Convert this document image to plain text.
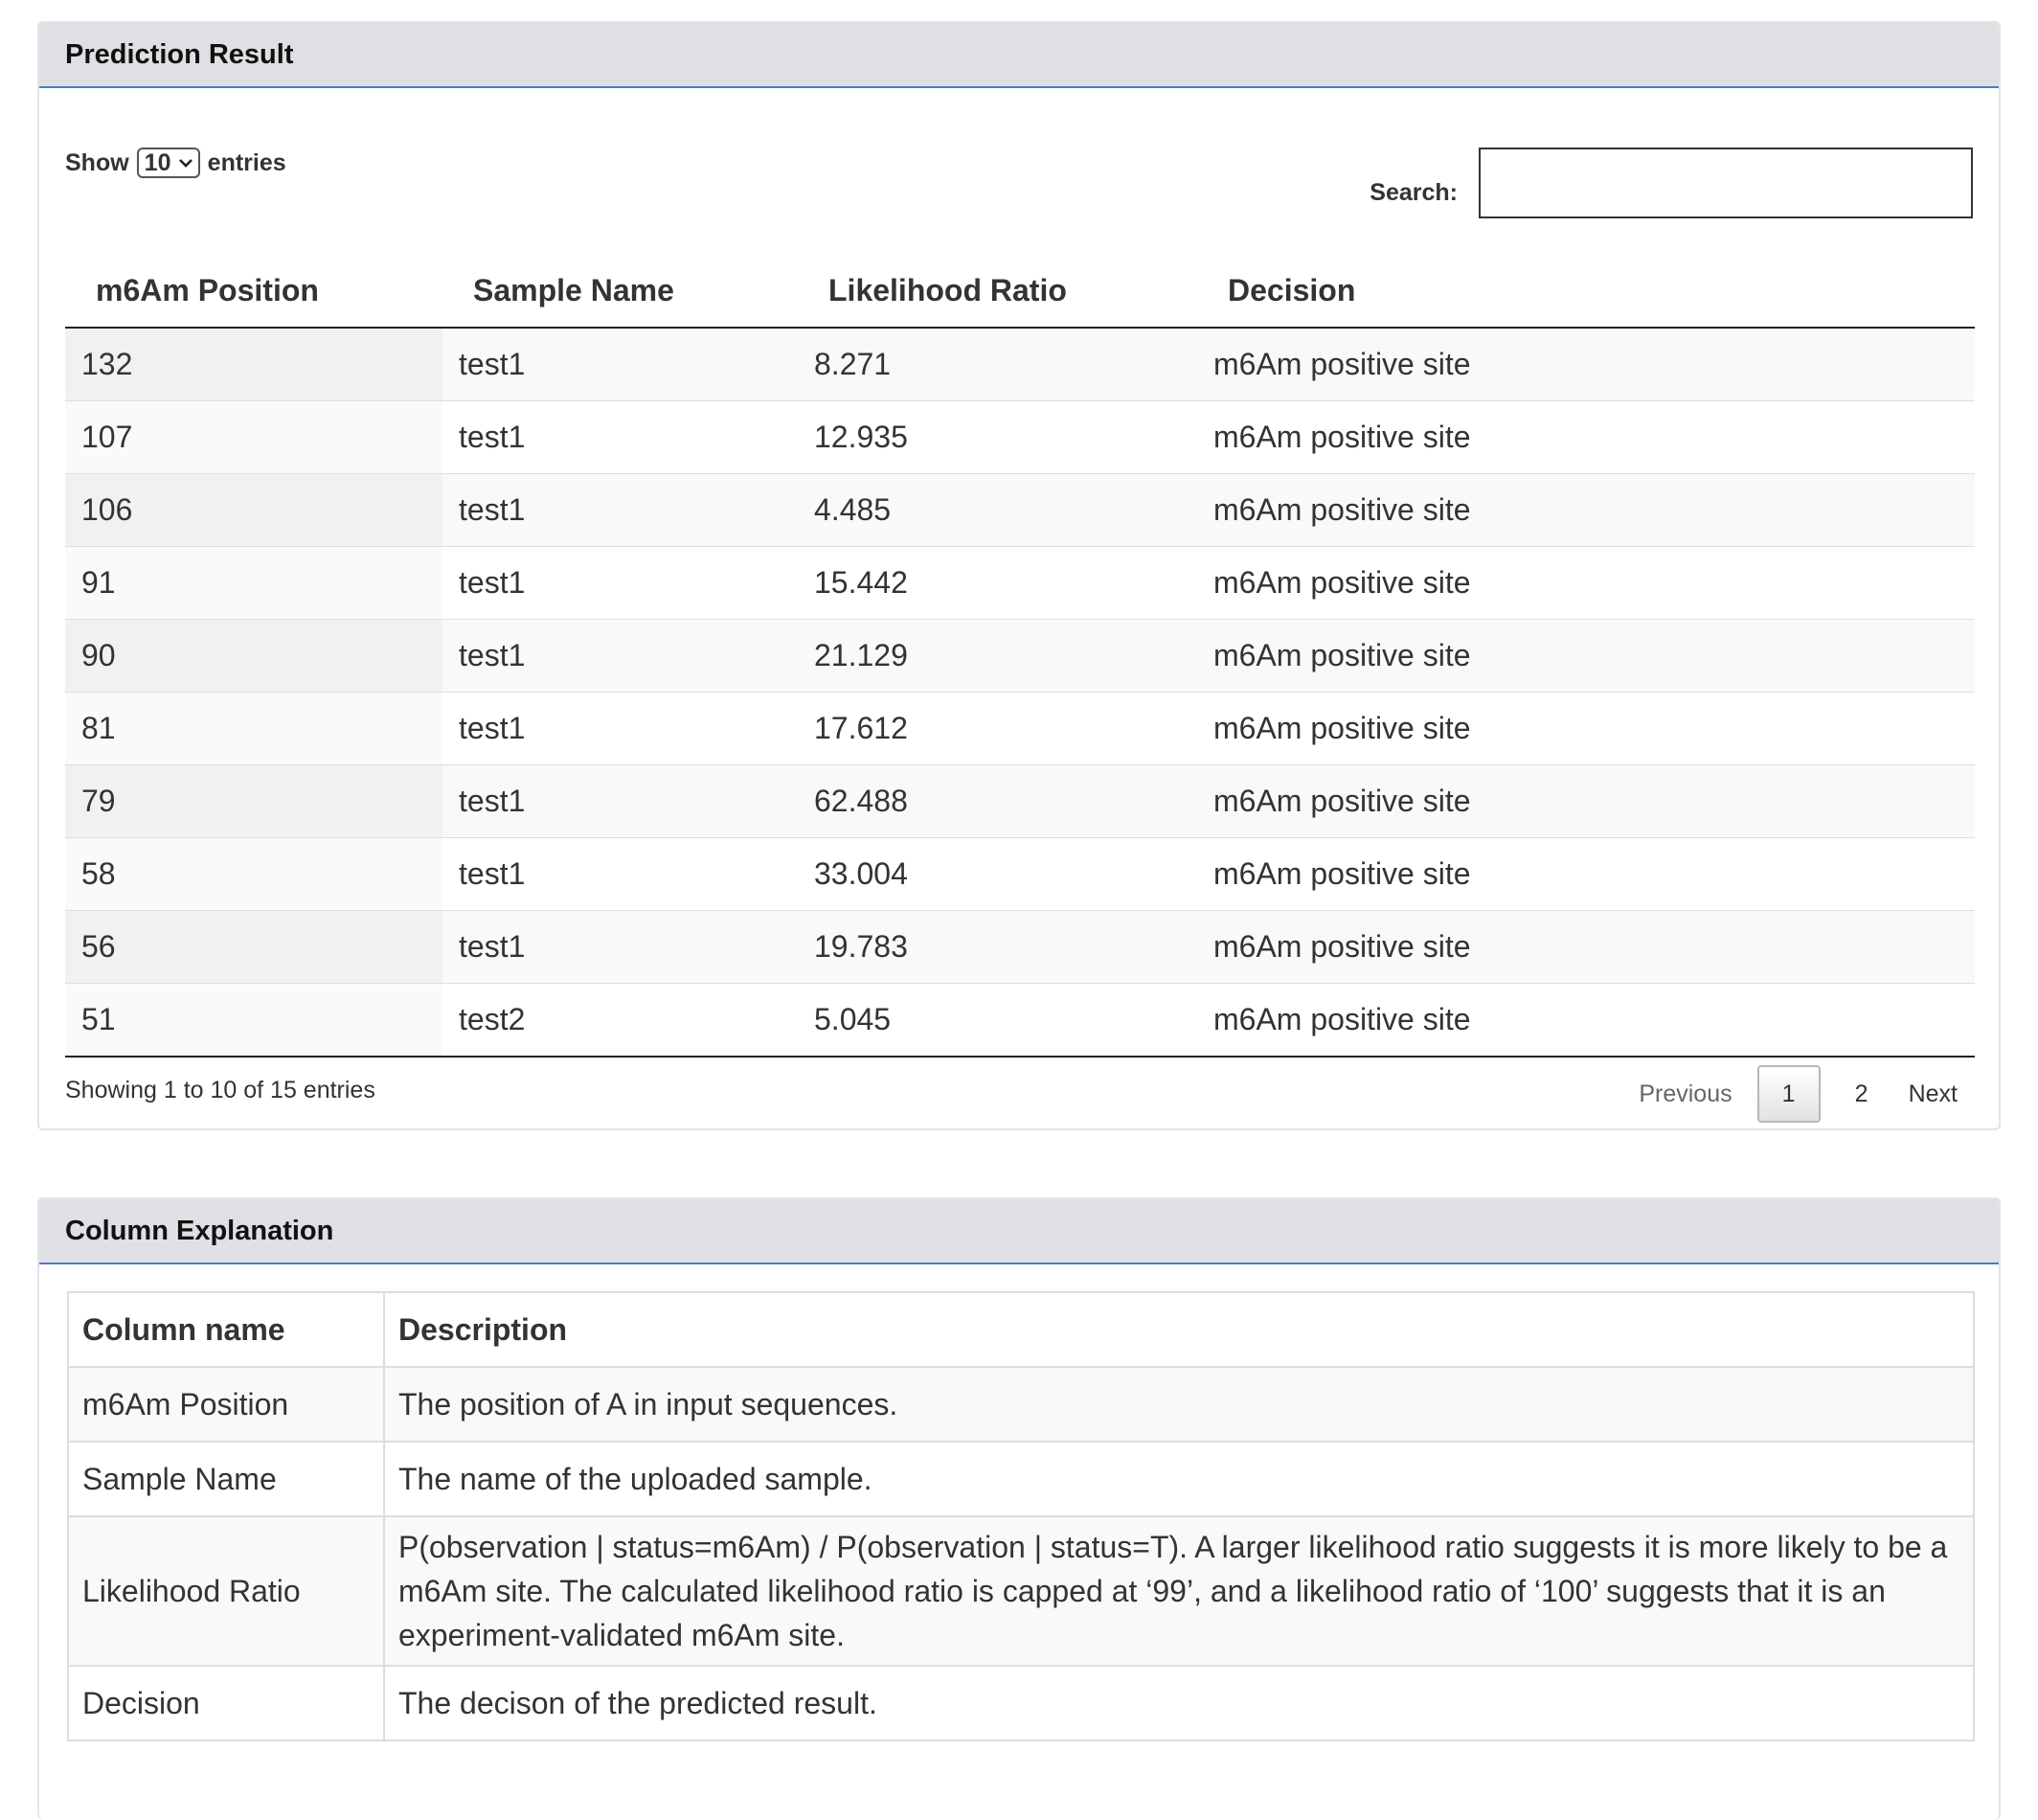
Prediction Result
Show 10 entries
Search:
m6Am Position	Sample Name	Likelihood Ratio	Decision
132	test1	8.271	m6Am positive site
107	test1	12.935	m6Am positive site
106	test1	4.485	m6Am positive site
91	test1	15.442	m6Am positive site
90	test1	21.129	m6Am positive site
81	test1	17.612	m6Am positive site
79	test1	62.488	m6Am positive site
58	test1	33.004	m6Am positive site
56	test1	19.783	m6Am positive site
51	test2	5.045	m6Am positive site
Showing 1 to 10 of 15 entries	Previous	1	2	Next
Column Explanation
Column name	Description
m6Am Position	The position of A in input sequences.
Sample Name	The name of the uploaded sample.
Likelihood Ratio	P(observation | status=m6Am) / P(observation | status=T). A larger likelihood ratio suggests it is more likely to be a m6Am site. The calculated likelihood ratio is capped at ‘99’, and a likelihood ratio of ‘100’ suggests that it is an experiment-validated m6Am site.
Decision	The decison of the predicted result.
